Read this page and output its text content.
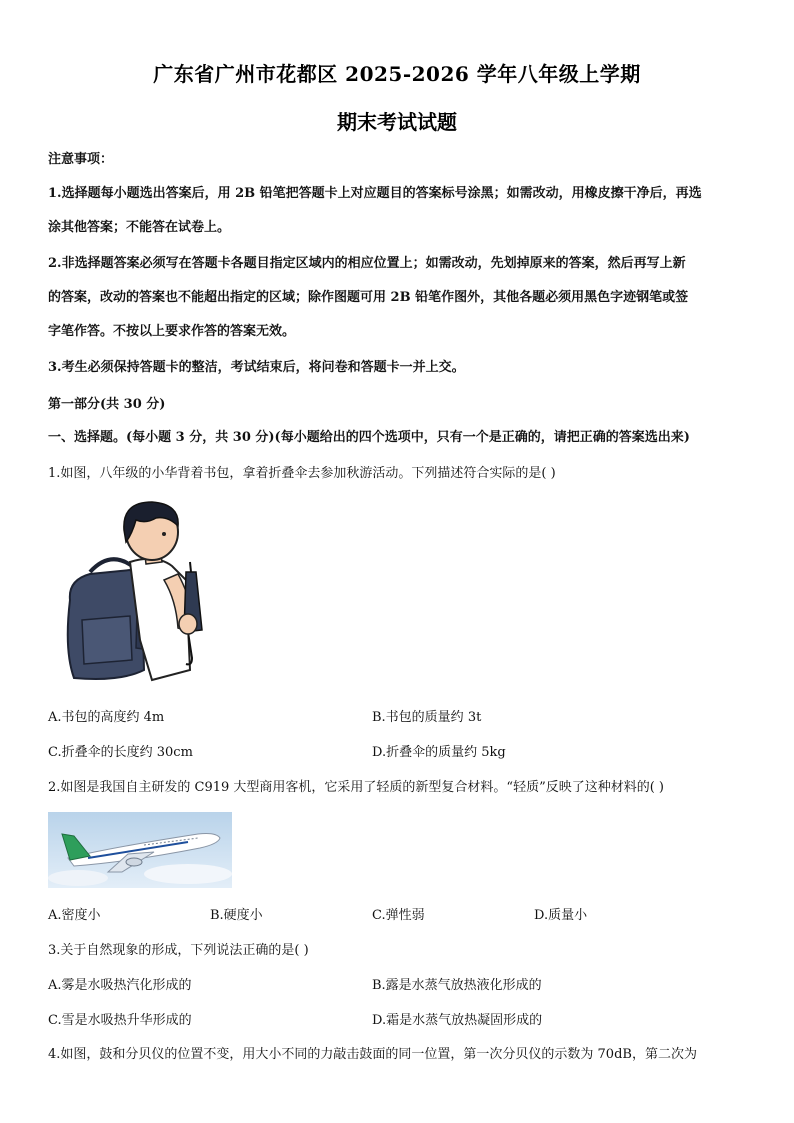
广东省广州市花都区 2025-2026 学年八年级上学期
期末考试试题
注意事项：
1.选择题每小题选出答案后，用 2B 铅笔把答题卡上对应题目的答案标号涂黑；如需改动，用橡皮擦干净后，再选
涂其他答案；不能答在试卷上。
2.非选择题答案必须写在答题卡各题目指定区域内的相应位置上；如需改动，先划掉原来的答案，然后再写上新
的答案，改动的答案也不能超出指定的区域；除作图题可用 2B 铅笔作图外，其他各题必须用黑色字迹钢笔或签
字笔作答。不按以上要求作答的答案无效。
3.考生必须保持答题卡的整洁，考试结束后，将问卷和答题卡一并上交。
第一部分(共 30 分)
一、选择题。(每小题 3 分，共 30 分)(每小题给出的四个选项中，只有一个是正确的，请把正确的答案选出来)
1.如图，八年级的小华背着书包，拿着折叠伞去参加秋游活动。下列描述符合实际的是( )
A.书包的高度约 4m	B.书包的质量约 3t
C.折叠伞的长度约 30cm	D.折叠伞的质量约 5kg
2.如图是我国自主研发的 C919 大型商用客机，它采用了轻质的新型复合材料。“轻质”反映了这种材料的( )
A.密度小	B.硬度小	C.弹性弱	D.质量小
3.关于自然现象的形成，下列说法正确的是( )
A.雾是水吸热汽化形成的	B.露是水蒸气放热液化形成的
C.雪是水吸热升华形成的	D.霜是水蒸气放热凝固形成的
4.如图，鼓和分贝仪的位置不变，用大小不同的力敲击鼓面的同一位置，第一次分贝仪的示数为 70dB，第二次为
